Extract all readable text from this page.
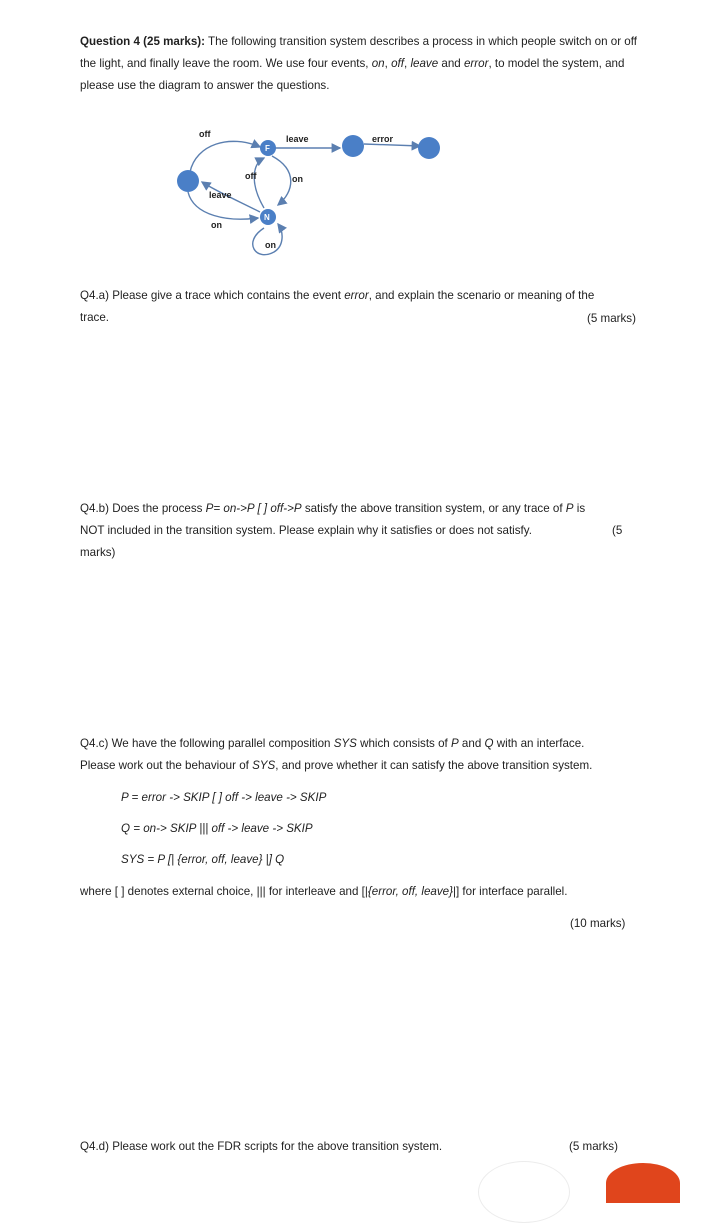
Question 4 (25 marks): The following transition system describes a process in which people switch on or off the light, and finally leave the room. We use four events, on, off, leave and error, to model the system, and please use the diagram to answer the questions.

F
N
off	leave	error
off	on
leave
on
on

Q4.a) Please give a trace which contains the event error, and explain the scenario or meaning of the
trace.	(5 marks)

Q4.b) Does the process P= on->P [ ] off->P satisfy the above transition system, or any trace of P is
NOT included in the transition system. Please explain why it satisfies or does not satisfy.	(5
marks)

Q4.c) We have the following parallel composition SYS which consists of P and Q with an interface.
Please work out the behaviour of SYS, and prove whether it can satisfy the above transition system.

P = error -> SKIP [ ] off -> leave -> SKIP
Q = on-> SKIP ||| off -> leave -> SKIP
SYS = P [| {error, off, leave} |] Q

where [ ] denotes external choice, ||| for interleave and [|{error, off, leave}|] for interface parallel.

(10 marks)
Q4.d) Please work out the FDR scripts for the above transition system.	(5 marks)
